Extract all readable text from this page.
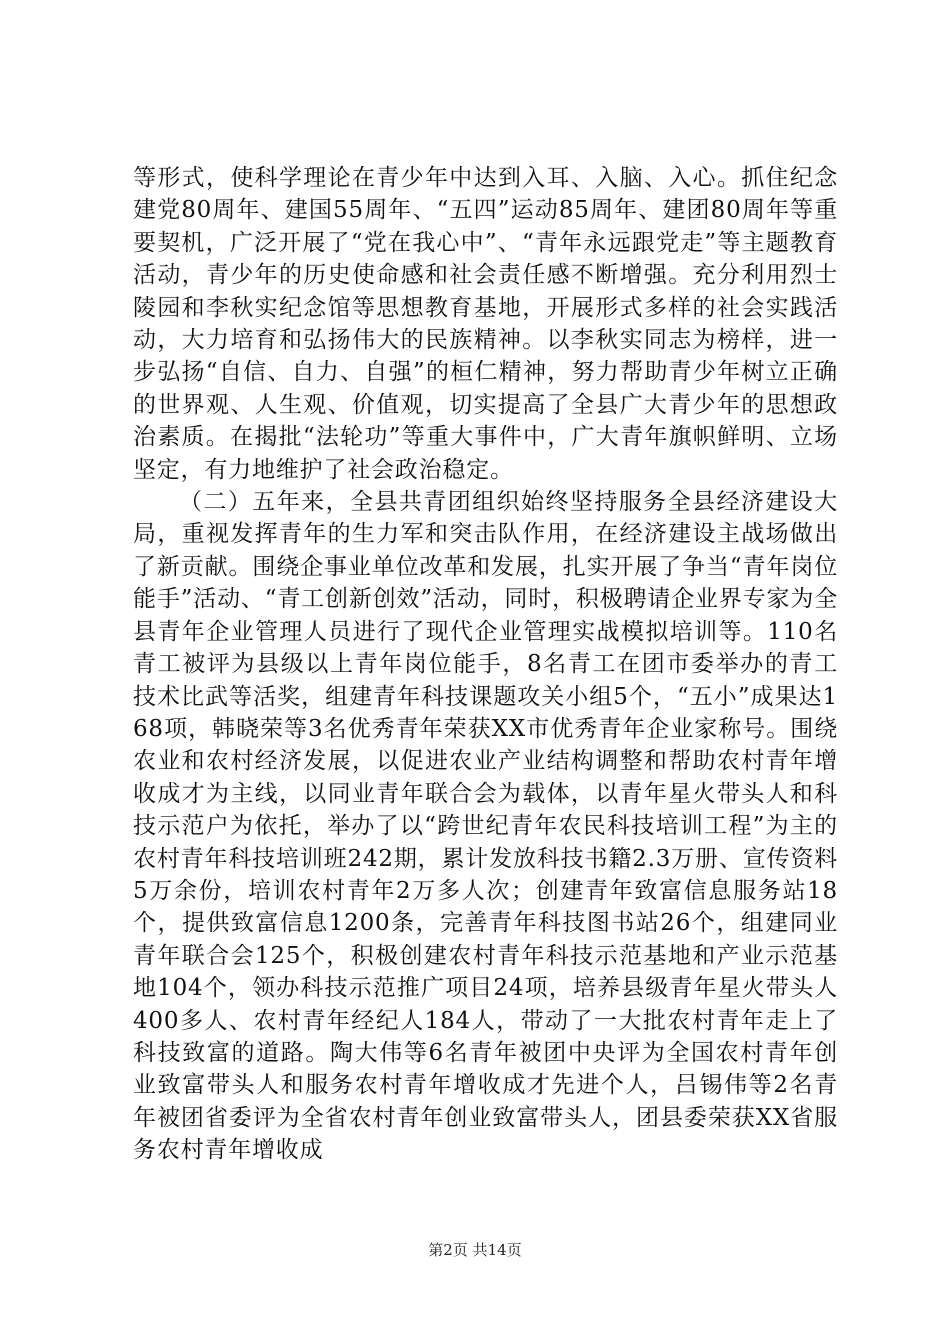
等形式，使科学理论在青少年中达到入耳、入脑、入心。抓住纪念建党80周年、建国55周年、“五四”运动85周年、建团80周年等重要契机，广泛开展了“党在我心中”、“青年永远跟党走”等主题教育活动，青少年的历史使命感和社会责任感不断增强。充分利用烈士陵园和李秋实纪念馆等思想教育基地，开展形式多样的社会实践活动，大力培育和弘扬伟大的民族精神。以李秋实同志为榜样，进一步弘扬“自信、自力、自强”的桓仁精神，努力帮助青少年树立正确的世界观、人生观、价值观，切实提高了全县广大青少年的思想政治素质。在揭批“法轮功”等重大事件中，广大青年旗帜鲜明、立场坚定，有力地维护了社会政治稳定。

（二）五年来，全县共青团组织始终坚持服务全县经济建设大局，重视发挥青年的生力军和突击队作用，在经济建设主战场做出了新贡献。围绕企事业单位改革和发展，扎实开展了争当“青年岗位能手”活动、“青工创新创效”活动，同时，积极聘请企业界专家为全县青年企业管理人员进行了现代企业管理实战模拟培训等。110名青工被评为县级以上青年岗位能手，8名青工在团市委举办的青工技术比武等活奖，组建青年科技课题攻关小组5个，“五小”成果达168项，韩晓荣等3名优秀青年荣获XX市优秀青年企业家称号。围绕农业和农村经济发展，以促进农业产业结构调整和帮助农村青年增收成才为主线，以同业青年联合会为载体，以青年星火带头人和科技示范户为依托，举办了以“跨世纪青年农民科技培训工程”为主的农村青年科技培训班242期，累计发放科技书籍2.3万册、宣传资料5万余份，培训农村青年2万多人次；创建青年致富信息服务站18个，提供致富信息1200条，完善青年科技图书站26个，组建同业青年联合会125个，积极创建农村青年科技示范基地和产业示范基地104个，领办科技示范推广项目24项，培养县级青年星火带头人400多人、农村青年经纪人184人，带动了一大批农村青年走上了科技致富的道路。陶大伟等6名青年被团中央评为全国农村青年创业致富带头人和服务农村青年增收成才先进个人，吕锡伟等2名青年被团省委评为全省农村青年创业致富带头人，团县委荣获XX省服务农村青年增收成

第2页 共14页
